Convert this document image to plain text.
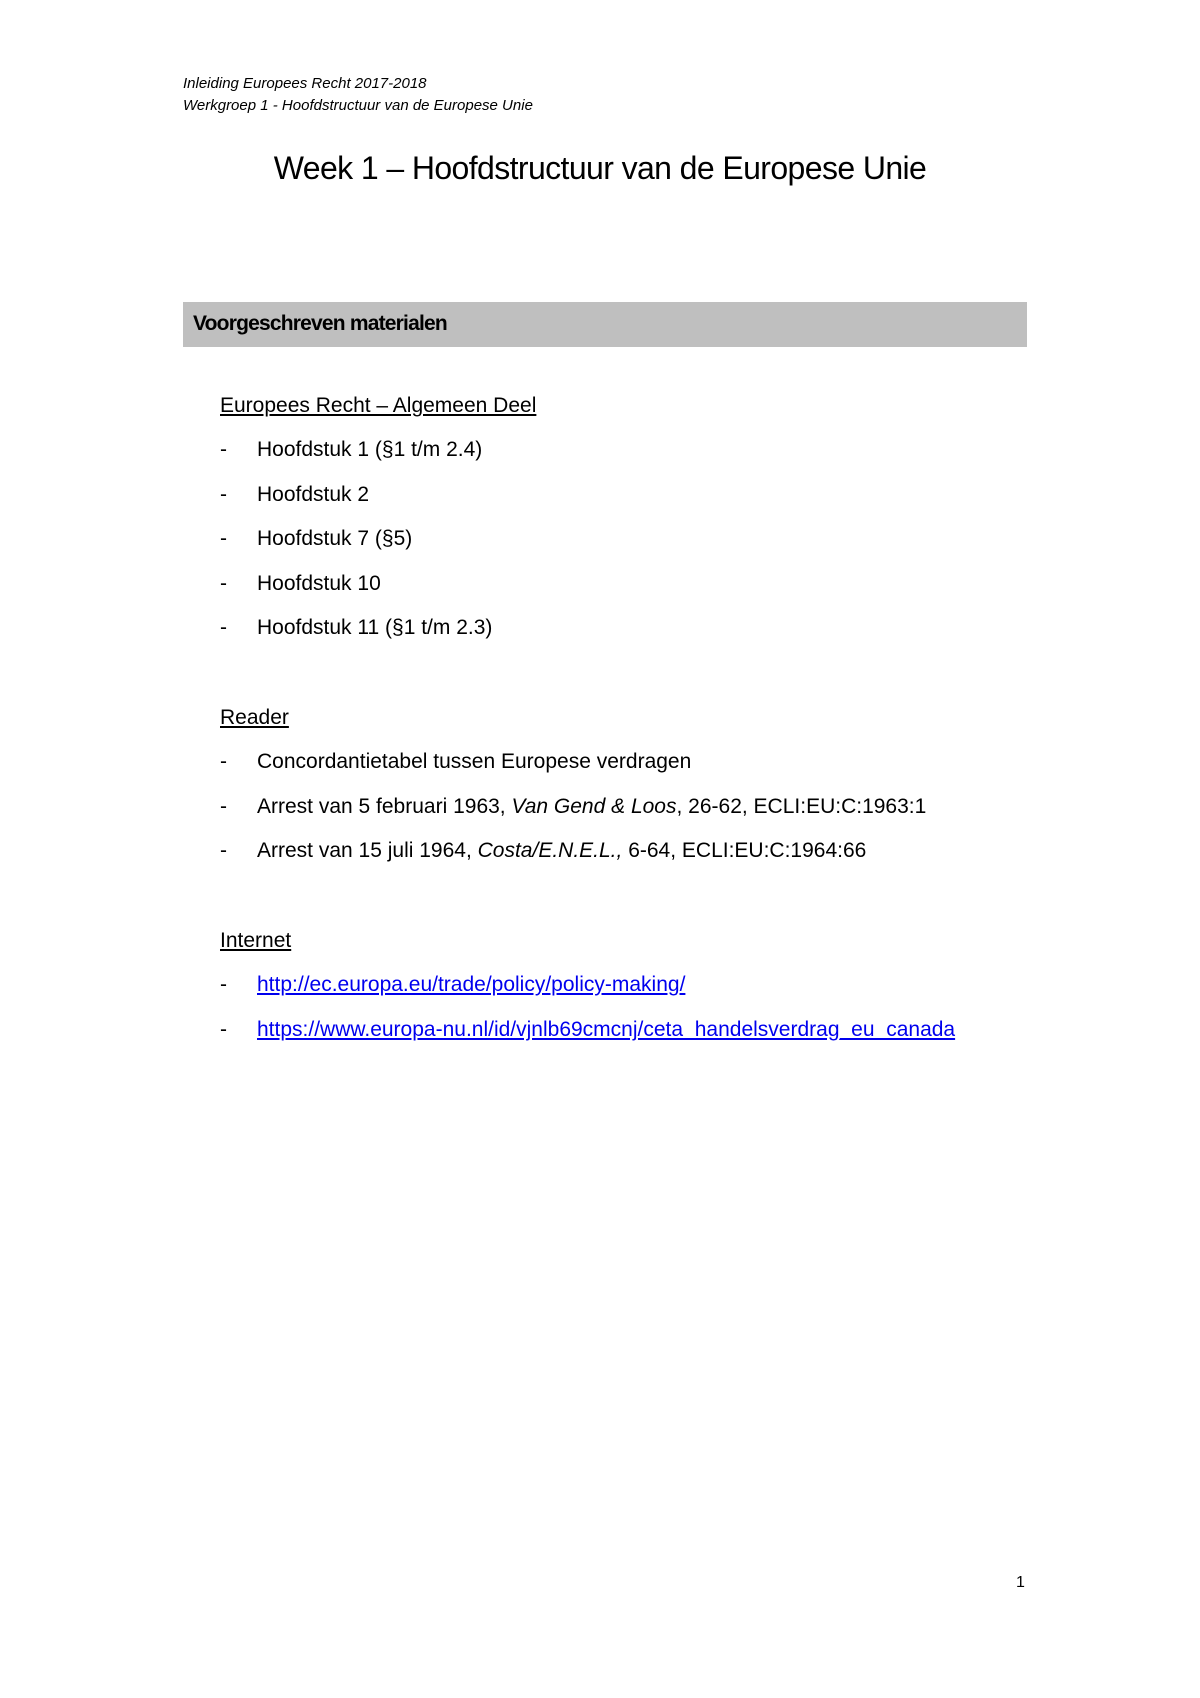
Inleiding Europees Recht 2017-2018
Werkgroep 1 - Hoofdstructuur van de Europese Unie
Week 1 – Hoofdstructuur van de Europese Unie
Voorgeschreven materialen
Europees Recht – Algemeen Deel
- Hoofdstuk 1 (§1 t/m 2.4)
- Hoofdstuk 2
- Hoofdstuk 7 (§5)
- Hoofdstuk 10
- Hoofdstuk 11 (§1 t/m 2.3)
Reader
- Concordantietabel tussen Europese verdragen
- Arrest van 5 februari 1963, Van Gend & Loos, 26-62, ECLI:EU:C:1963:1
- Arrest van 15 juli 1964, Costa/E.N.E.L., 6-64, ECLI:EU:C:1964:66
Internet
- http://ec.europa.eu/trade/policy/policy-making/
- https://www.europa-nu.nl/id/vjnlb69cmcnj/ceta_handelsverdrag_eu_canada
1
